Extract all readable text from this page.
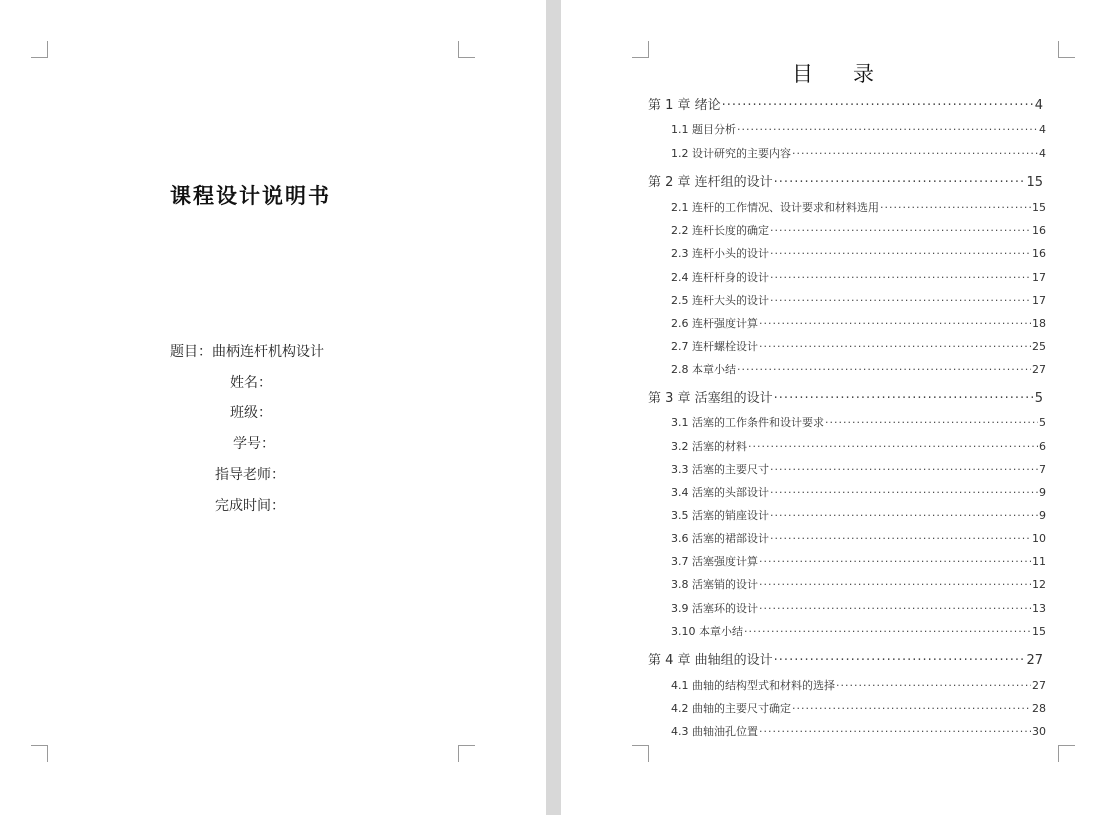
课程设计说明书
题目：曲柄连杆机构设计
姓名：
班级：
学号：
指导老师：
完成时间：
目录
第 1 章 绪论 ·····	4
1.1 题目分析 ·····	4
1.2 设计研究的主要内容 ·····	4
第 2 章 连杆组的设计 ·····	15
2.1 连杆的工作情况、设计要求和材料选用 ·····	15
2.2 连杆长度的确定 ·····	16
2.3 连杆小头的设计 ·····	16
2.4 连杆杆身的设计 ·····	17
2.5 连杆大头的设计 ·····	17
2.6 连杆强度计算 ·····	18
2.7 连杆螺栓设计 ·····	25
2.8 本章小结 ·····	27
第 3 章 活塞组的设计 ·····	5
3.1 活塞的工作条件和设计要求 ·····	5
3.2 活塞的材料 ·····	6
3.3 活塞的主要尺寸 ·····	7
3.4 活塞的头部设计 ·····	9
3.5 活塞的销座设计 ·····	9
3.6 活塞的裙部设计 ·····	10
3.7 活塞强度计算 ·····	11
3.8 活塞销的设计 ·····	12
3.9 活塞环的设计 ·····	13
3.10 本章小结 ·····	15
第 4 章 曲轴组的设计 ·····	27
4.1 曲轴的结构型式和材料的选择 ·····	27
4.2 曲轴的主要尺寸确定 ·····	28
4.3 曲轴油孔位置 ·····	30
